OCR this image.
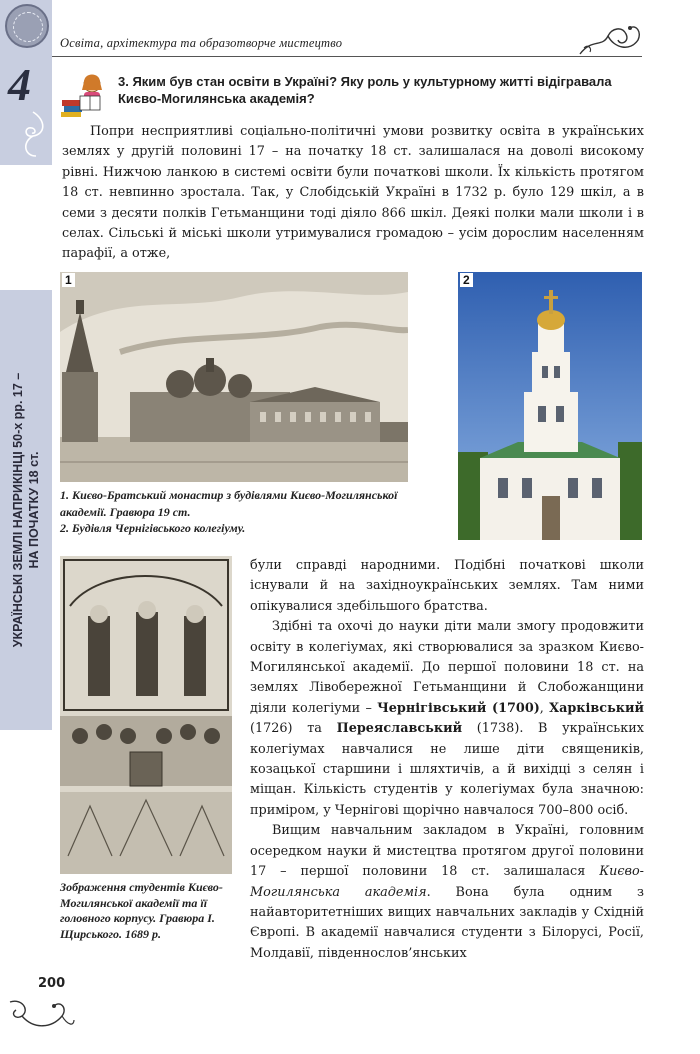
Освіта, архітектура та образотворче мистецтво
4
УКРАЇНСЬКІ ЗЕМЛІ НАПРИКІНЦІ 50-х рр. 17 – НА ПОЧАТКУ 18 ст.
3. Яким був стан освіти в Україні? Яку роль у культурному житті відігравала Києво-Могилянська академія?
Попри несприятливі соціально-політичні умови розвитку освіта в українських землях у другій половині 17 – на початку 18 ст. залишалася на доволі високому рівні. Нижчою ланкою в системі освіти були початкові школи. Їх кількість протягом 18 ст. невпинно зростала. Так, у Слобідській Україні в 1732 р. було 129 шкіл, а в семи з десяти полків Гетьманщини тоді діяло 866 шкіл. Деякі полки мали школи і в селах. Сільські й міські школи утримувалися громадою – усім дорослим населенням парафії, а отже,
1	2
1. Києво-Братський монастир з будівлями Києво-Могилянської академії. Гравюра 19 ст.
2. Будівля Чернігівського колегіуму.
Зображення студентів Києво-Могилянської академії та її головного корпусу. Гравюра І. Щирського. 1689 р.

були справді народними. Подібні початкові школи існували й на західноукраїнських землях. Там ними опікувалися здебільшого братства.

Здібні та охочі до науки діти мали змогу продовжити освіту в колегіумах, які створювалися за зразком Києво-Могилянської академії. До першої половини 18 ст. на землях Лівобережної Гетьманщини й Слобожанщини діяли колегіуми – Чернігівський (1700), Харківський (1726) та Переяславський (1738). В українських колегіумах навчалися не лише діти священиків, козацької старшини і шляхтичів, а й вихідці з селян і міщан. Кількість студентів у колегіумах була значною: приміром, у Чернігові щорічно навчалося 700–800 осіб.

Вищим навчальним закладом в Україні, головним осередком науки й мистецтва протягом другої половини 17 – першої половини 18 ст. залишалася Києво-Могилянська академія. Вона була одним з найавторитетніших вищих навчальних закладів у Східній Європі. В академії навчалися студенти з Білорусі, Росії, Молдавії, південнослов’янських

200
